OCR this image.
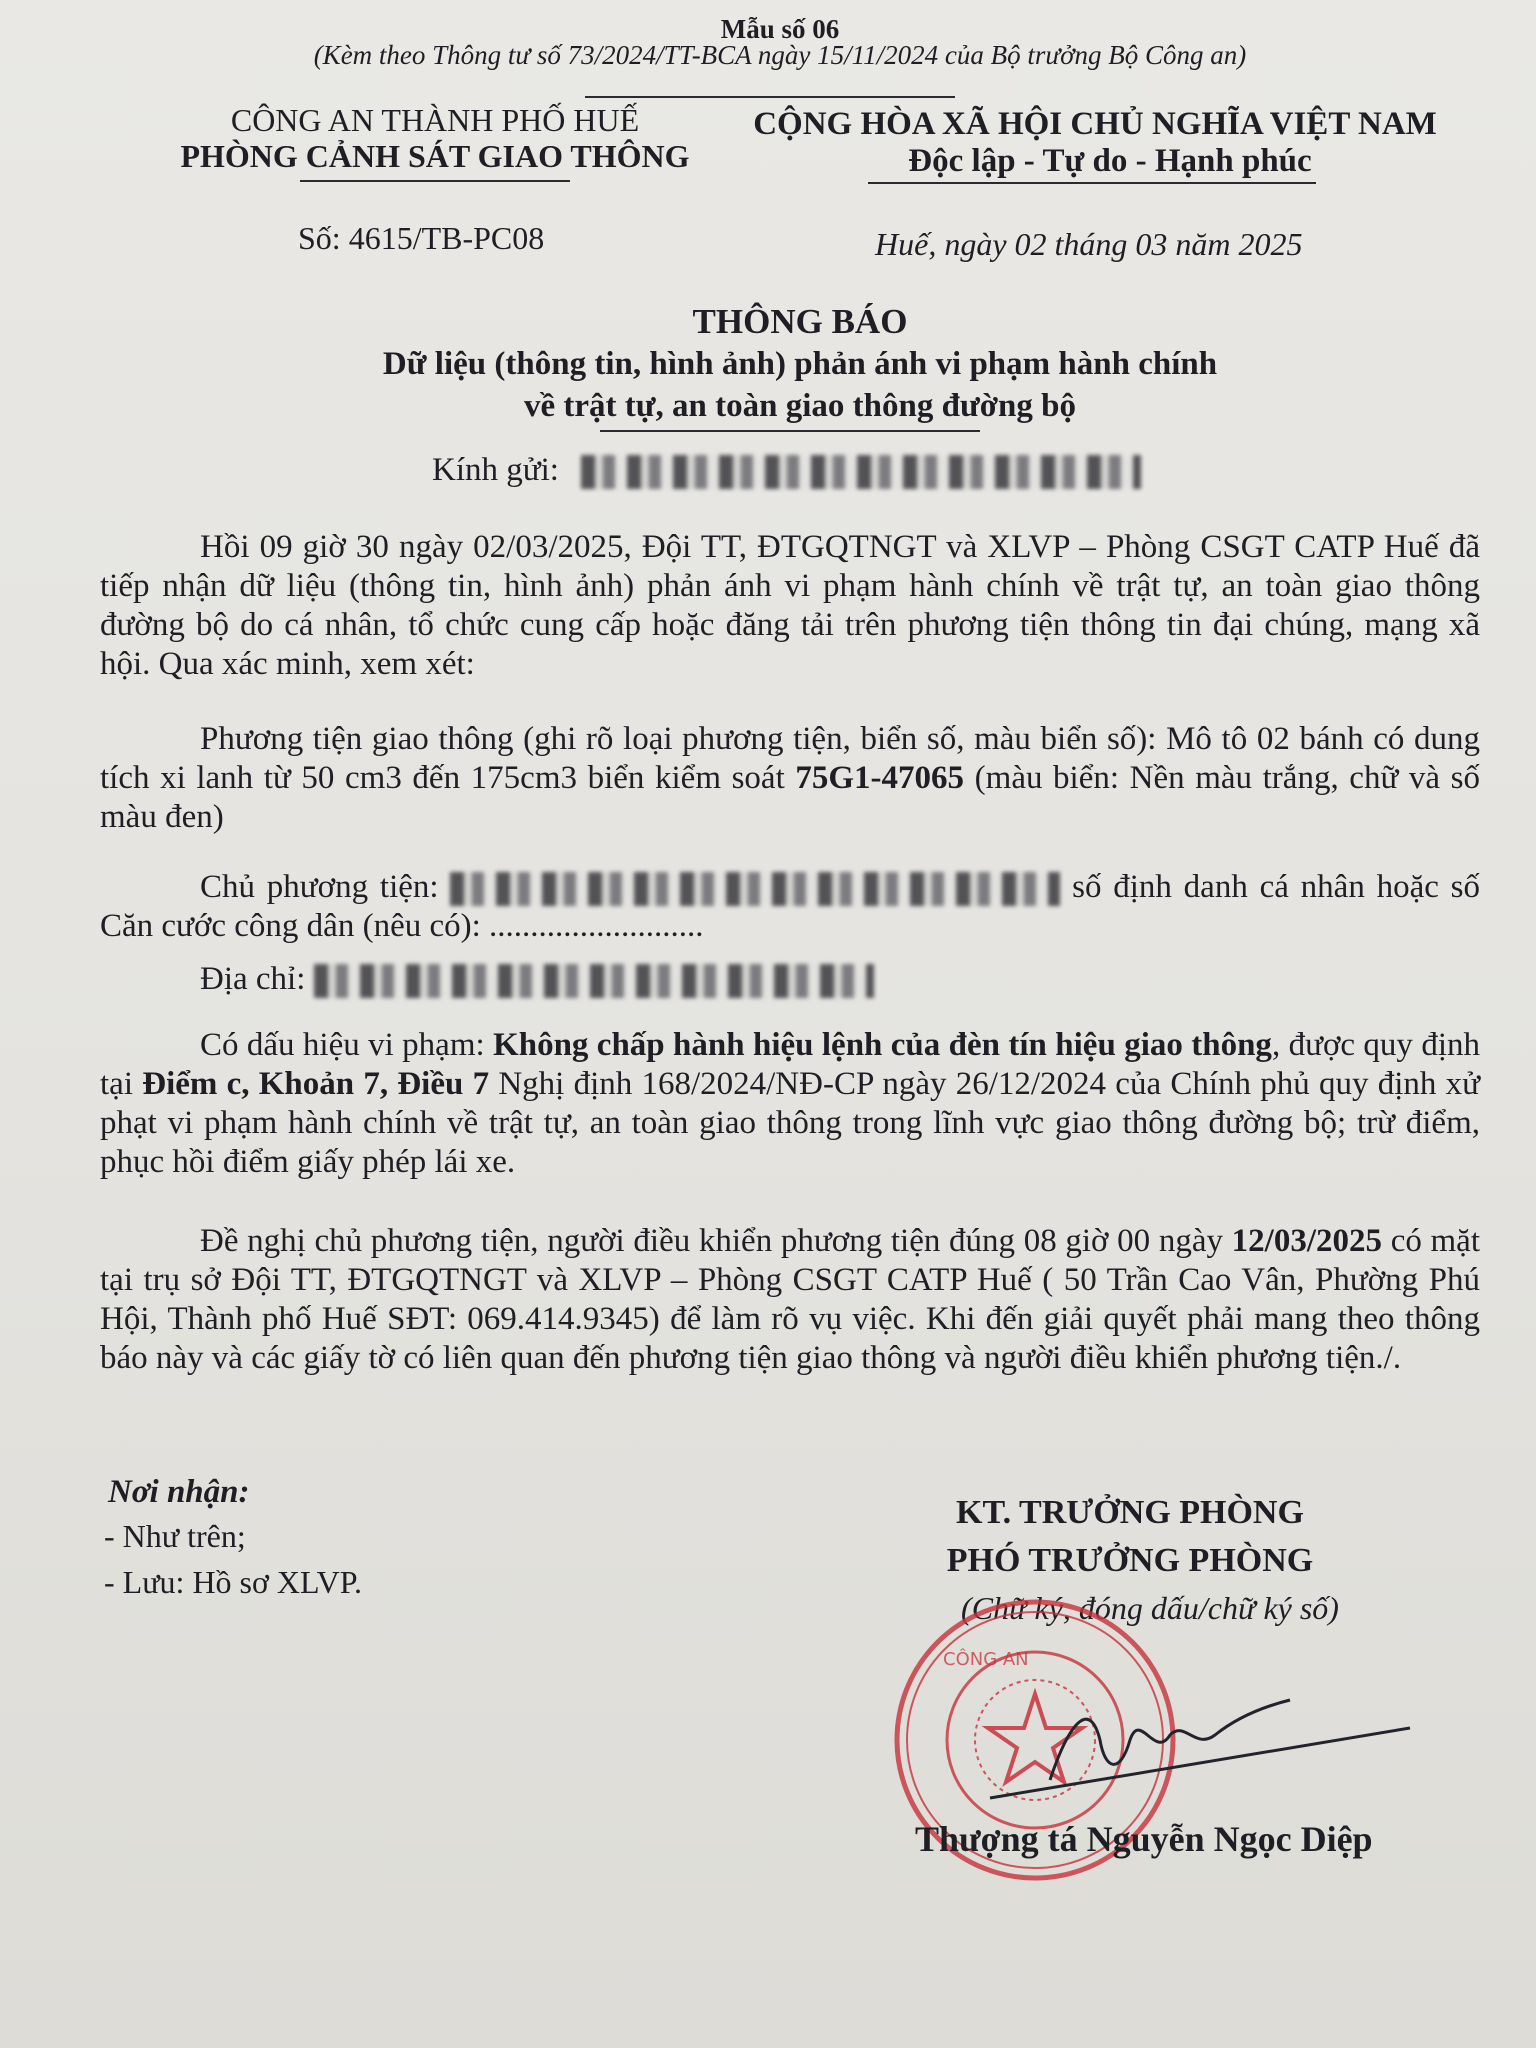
Mẫu số 06
(Kèm theo Thông tư số 73/2024/TT-BCA ngày 15/11/2024 của Bộ trưởng Bộ Công an)
CÔNG AN THÀNH PHỐ HUẾ
PHÒNG CẢNH SÁT GIAO THÔNG
CỘNG HÒA XÃ HỘI CHỦ NGHĨA VIỆT NAM
Độc lập - Tự do - Hạnh phúc
Số: 4615/TB-PC08	Huế, ngày 02 tháng 03 năm 2025
THÔNG BÁO
Dữ liệu (thông tin, hình ảnh) phản ánh vi phạm hành chính
về trật tự, an toàn giao thông đường bộ
Kính gửi:
Hồi 09 giờ 30 ngày 02/03/2025, Đội TT, ĐTGQTNGT và XLVP – Phòng CSGT CATP Huế đã tiếp nhận dữ liệu (thông tin, hình ảnh) phản ánh vi phạm hành chính về trật tự, an toàn giao thông đường bộ do cá nhân, tổ chức cung cấp hoặc đăng tải trên phương tiện thông tin đại chúng, mạng xã hội. Qua xác minh, xem xét:
Phương tiện giao thông (ghi rõ loại phương tiện, biển số, màu biển số): Mô tô 02 bánh có dung tích xi lanh từ 50 cm3 đến 175cm3 biển kiểm soát 75G1-47065 (màu biển: Nền màu trắng, chữ và số màu đen)
Chủ phương tiện:	số định danh cá nhân hoặc số Căn cước công dân (nêu có): ..........................
Địa chỉ:
Có dấu hiệu vi phạm: Không chấp hành hiệu lệnh của đèn tín hiệu giao thông, được quy định tại Điểm c, Khoản 7, Điều 7 Nghị định 168/2024/NĐ-CP ngày 26/12/2024 của Chính phủ quy định xử phạt vi phạm hành chính về trật tự, an toàn giao thông trong lĩnh vực giao thông đường bộ; trừ điểm, phục hồi điểm giấy phép lái xe.
Đề nghị chủ phương tiện, người điều khiển phương tiện đúng 08 giờ 00 ngày 12/03/2025 có mặt tại trụ sở Đội TT, ĐTGQTNGT và XLVP – Phòng CSGT CATP Huế ( 50 Trần Cao Vân, Phường Phú Hội, Thành phố Huế SĐT: 069.414.9345) để làm rõ vụ việc. Khi đến giải quyết phải mang theo thông báo này và các giấy tờ có liên quan đến phương tiện giao thông và người điều khiển phương tiện./.
Nơi nhận:
- Như trên;
- Lưu: Hồ sơ XLVP.
KT. TRƯỞNG PHÒNG
PHÓ TRƯỞNG PHÒNG
(Chữ ký, đóng dấu/chữ ký số)
CÔNG AN
Thượng tá Nguyễn Ngọc Diệp
